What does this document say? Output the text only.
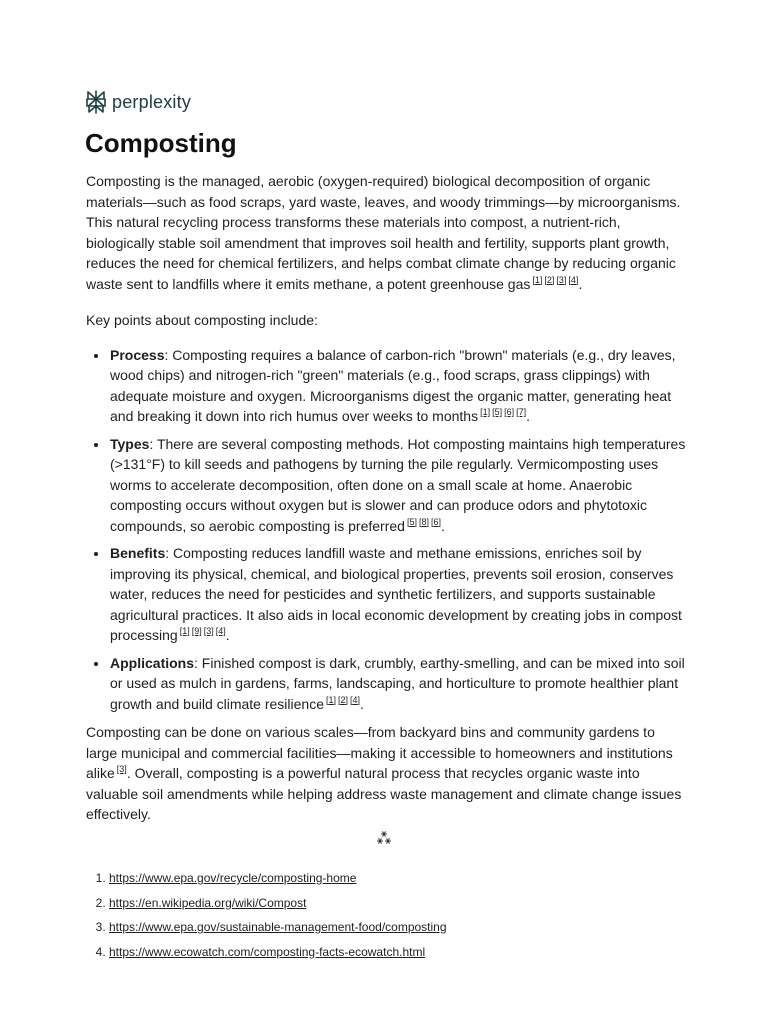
perplexity
Composting

Composting is the managed, aerobic (oxygen-required) biological decomposition of organic materials—such as food scraps, yard waste, leaves, and woody trimmings—by microorganisms. This natural recycling process transforms these materials into compost, a nutrient-rich, biologically stable soil amendment that improves soil health and fertility, supports plant growth, reduces the need for chemical fertilizers, and helps combat climate change by reducing organic waste sent to landfills where it emits methane, a potent greenhouse gas [1] [2] [3] [4].

Key points about composting include:

• Process: Composting requires a balance of carbon-rich "brown" materials (e.g., dry leaves, wood chips) and nitrogen-rich "green" materials (e.g., food scraps, grass clippings) with adequate moisture and oxygen. Microorganisms digest the organic matter, generating heat and breaking it down into rich humus over weeks to months [1] [5] [6] [7].
• Types: There are several composting methods. Hot composting maintains high temperatures (>131°F) to kill seeds and pathogens by turning the pile regularly. Vermicomposting uses worms to accelerate decomposition, often done on a small scale at home. Anaerobic composting occurs without oxygen but is slower and can produce odors and phytotoxic compounds, so aerobic composting is preferred [5] [8] [6].
• Benefits: Composting reduces landfill waste and methane emissions, enriches soil by improving its physical, chemical, and biological properties, prevents soil erosion, conserves water, reduces the need for pesticides and synthetic fertilizers, and supports sustainable agricultural practices. It also aids in local economic development by creating jobs in compost processing [1] [9] [3] [4].
• Applications: Finished compost is dark, crumbly, earthy-smelling, and can be mixed into soil or used as mulch in gardens, farms, landscaping, and horticulture to promote healthier plant growth and build climate resilience [1] [2] [4].

Composting can be done on various scales—from backyard bins and community gardens to large municipal and commercial facilities—making it accessible to homeowners and institutions alike [3]. Overall, composting is a powerful natural process that recycles organic waste into valuable soil amendments while helping address waste management and climate change issues effectively.

1. https://www.epa.gov/recycle/composting-home
2. https://en.wikipedia.org/wiki/Compost
3. https://www.epa.gov/sustainable-management-food/composting
4. https://www.ecowatch.com/composting-facts-ecowatch.html
